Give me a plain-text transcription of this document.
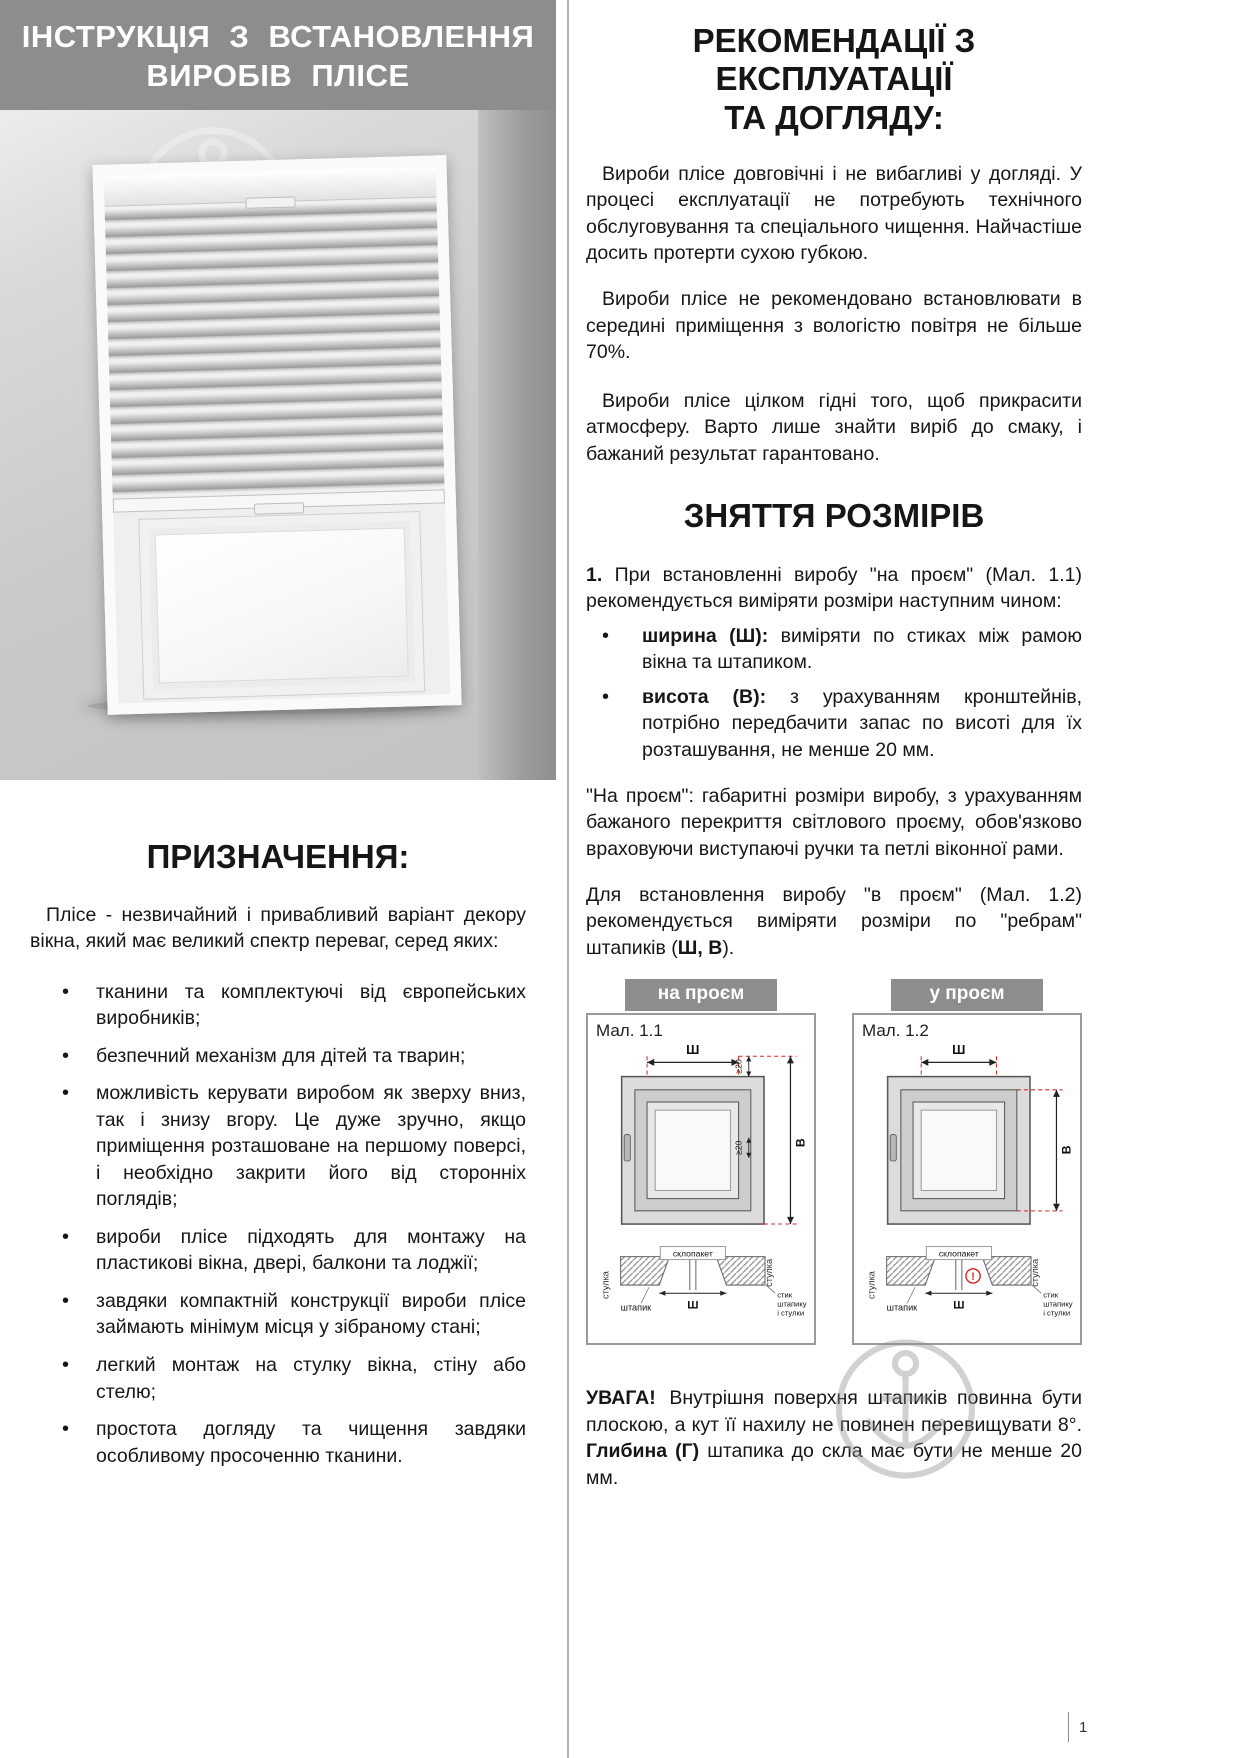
ІНСТРУКЦІЯ З ВСТАНОВЛЕННЯ
ВИРОБІВ ПЛІСЕ
ПРИЗНАЧЕННЯ:

Плісе - незвичайний і привабливий варіант декору вікна, який має великий спектр переваг, серед яких:

• тканини та комплектуючі від європейських виробників;
• безпечний механізм для дітей та тварин;
• можливість керувати виробом як зверху вниз, так і знизу вгору. Це дуже зручно, якщо приміщення розташоване на першому поверсі, і необхідно закрити його від сторонніх поглядів;
• вироби плісе підходять для монтажу на пластикові вікна, двері, балкони та лоджії;
• завдяки компактній конструкції вироби плісе займають мінімум місця у зібраному стані;
• легкий монтаж на стулку вікна, стіну або стелю;
• простота догляду та чищення завдяки особливому просоченню тканини.
РЕКОМЕНДАЦІЇ З ЕКСПЛУАТАЦІЇ
ТА ДОГЛЯДУ:

Вироби плісе довговічні і не вибагливі у догляді. У процесі експлуатації не потребують технічного обслуговування та спеціального чищення. Найчастіше досить протерти сухою губкою.

Вироби плісе не рекомендовано встановлювати в середині приміщення з вологістю повітря не більше 70%.

Вироби плісе цілком гідні того, щоб прикрасити атмосферу. Варто лише знайти виріб до смаку, і бажаний результат гарантовано.

ЗНЯТТЯ РОЗМІРІВ

1. При встановленні виробу "на проєм" (Мал. 1.1) рекомендується виміряти розміри наступним чином:

• ширина (Ш): виміряти по стиках між рамою вікна та штапиком.
• висота (В): з урахуванням кронштейнів, потрібно передбачити запас по висоті для їх розташування, не менше 20 мм.

"На проєм": габаритні розміри виробу, з урахуванням бажаного перекриття світлового проєму, обов'язково враховуючи виступаючі ручки та петлі віконної рами.

Для встановлення виробу "в проєм" (Мал. 1.2) рекомендується виміряти розміри по "ребрам" штапиків (Ш, В).

на проєм
Мал. 1.1
Ш
В
≥20
≥20
стулка
склопакет
стулка
Ш
штапик
стик
штапику
і стулки
у проєм
Мал. 1.2
Ш
В
стулка
склопакет
!	стулка
Ш
штапик
стик
штапику
і стулки

УВАГА! Внутрішня поверхня штапиків повинна бути плоскою, а кут її нахилу не повинен перевищувати 8°. Глибина (Г) штапика до скла має бути не менше 20 мм.

1
